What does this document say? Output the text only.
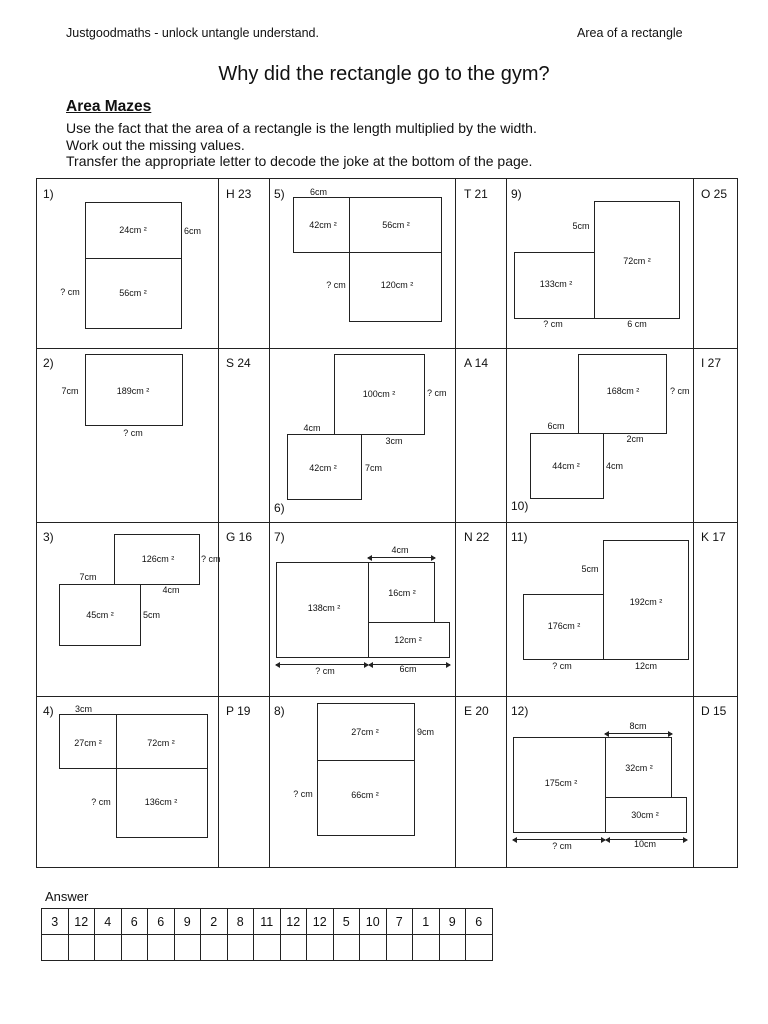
Justgoodmaths - unlock untangle understand.	Area of a rectangle
Why did the rectangle go to the gym?
Area Mazes
Use the fact that the area of a rectangle is the length multiplied by the width.
Work out the missing values.
Transfer the appropriate letter to decode the joke at the bottom of the page.
H 23	T 21	O 25
S 24	A 14	I 27
G 16	N 22	K 17
P 19	E 20	D 15
1)
24cm ²
56cm ²
6cm
? cm
5)	6cm
42cm ²	56cm ²
120cm ²
? cm
9)
72cm ²
133cm ²
5cm
? cm	6 cm
2)
189cm ²
7cm
? cm
6)
100cm ²
42cm ²
? cm
4cm
3cm
7cm
10)
168cm ²
44cm ²
? cm
6cm
2cm
4cm
3)
126cm ²
45cm ²
? cm
7cm
4cm
5cm
7)
4cm
138cm ²
16cm ²
12cm ²
? cm	6cm
11)
192cm ²
176cm ²
5cm
? cm	12cm
4) 3cm
27cm ²	72cm ²
136cm ²
? cm
8)
27cm ²
66cm ²
9cm
? cm
12)
8cm
175cm ²
32cm ²
30cm ²
? cm	10cm
Answer
3	12	4	6	6	9	2	8	11	12	12	5	10	7	1	9	6
